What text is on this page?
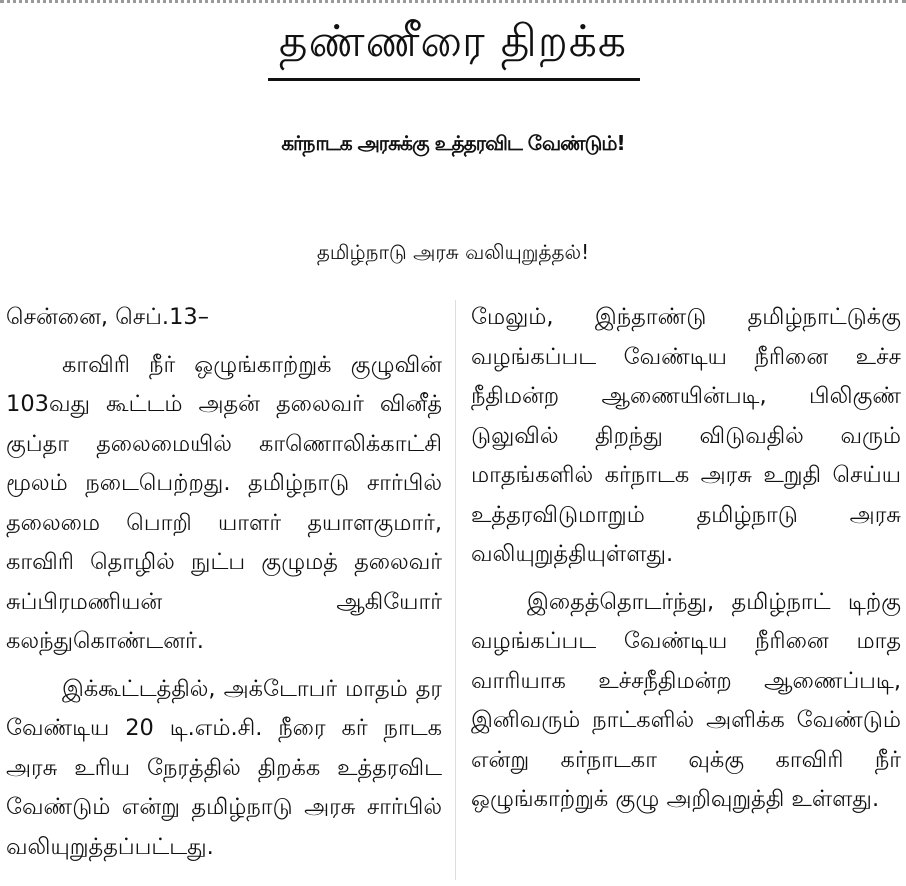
தண்ணீரை திறக்க
கர்நாடக அரசுக்கு உத்தரவிட வேண்டும்!
தமிழ்நாடு அரசு வலியுறுத்தல்!

சென்னை, செப்.13–

காவிரி நீர் ஒழுங்காற்றுக் குழுவின் 103வது கூட்டம் அதன் தலைவர் வினீத் குப்தா தலைமையில் காணொலிக்காட்சி மூலம் நடைபெற்றது. தமிழ்நாடு சார்பில் தலைமை பொறி யாளர் தயாளகுமார், காவிரி தொழில் நுட்ப குழுமத் தலைவர் சுப்பிரமணியன் ஆகியோர் கலந்துகொண்டனர்.

இக்கூட்டத்தில், அக்டோபர் மாதம் தர வேண்டிய 20 டி.எம்.சி. நீரை கர் நாடக அரசு உரிய நேரத்தில் திறக்க உத்தரவிட வேண்டும் என்று தமிழ்நாடு அரசு சார்பில் வலியுறுத்தப்பட்டது.

மேலும், இந்தாண்டு தமிழ்நாட்டுக்கு வழங்கப்பட வேண்டிய நீரினை உச்ச நீதிமன்ற ஆணையின்படி, பிலிகுண் டுலுவில் திறந்து விடுவதில் வரும் மாதங்களில் கர்நாடக அரசு உறுதி செய்ய உத்தரவிடுமாறும் தமிழ்நாடு அரசு வலியுறுத்தியுள்ளது.

இதைத்தொடர்ந்து, தமிழ்நாட் டிற்கு வழங்கப்பட வேண்டிய நீரினை மாத வாரியாக உச்சநீதிமன்ற ஆணைப்படி, இனிவரும் நாட்களில் அளிக்க வேண்டும் என்று கர்நாடகா வுக்கு காவிரி நீர் ஒழுங்காற்றுக் குழு அறிவுறுத்தி உள்ளது.
